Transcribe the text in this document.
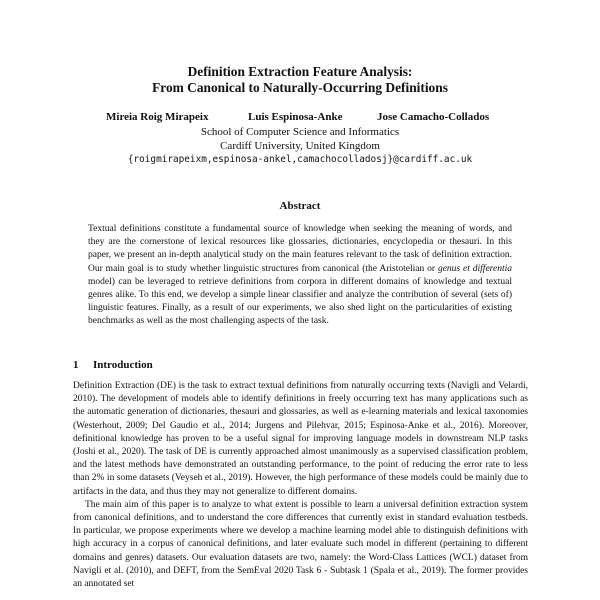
Definition Extraction Feature Analysis:
From Canonical to Naturally-Occurring Definitions
Mireia Roig Mirapeix	Luis Espinosa-Anke	Jose Camacho-Collados
School of Computer Science and Informatics
Cardiff University, United Kingdom
{roigmirapeixm,espinosa-ankel,camachocolladosj}@cardiff.ac.uk
Abstract

Textual definitions constitute a fundamental source of knowledge when seeking the meaning of words, and they are the cornerstone of lexical resources like glossaries, dictionaries, encyclopedia or thesauri. In this paper, we present an in-depth analytical study on the main features relevant to the task of definition extraction. Our main goal is to study whether linguistic structures from canonical (the Aristotelian or genus et differentia model) can be leveraged to retrieve definitions from corpora in different domains of knowledge and textual genres alike. To this end, we develop a simple linear classifier and analyze the contribution of several (sets of) linguistic features. Finally, as a result of our experiments, we also shed light on the particularities of existing benchmarks as well as the most challenging aspects of the task.

1 Introduction

Definition Extraction (DE) is the task to extract textual definitions from naturally occurring texts (Navigli and Velardi, 2010). The development of models able to identify definitions in freely occurring text has many applications such as the automatic generation of dictionaries, thesauri and glossaries, as well as e-learning materials and lexical taxonomies (Westerhout, 2009; Del Gaudio et al., 2014; Jurgens and Pilehvar, 2015; Espinosa-Anke et al., 2016). Moreover, definitional knowledge has proven to be a useful signal for improving language models in downstream NLP tasks (Joshi et al., 2020). The task of DE is currently approached almost unanimously as a supervised classification problem, and the latest methods have demonstrated an outstanding performance, to the point of reducing the error rate to less than 2% in some datasets (Veyseh et al., 2019). However, the high performance of these models could be mainly due to artifacts in the data, and thus they may not generalize to different domains.

The main aim of this paper is to analyze to what extent is possible to learn a universal definition extraction system from canonical definitions, and to understand the core differences that currently exist in standard evaluation testbeds. In particular, we propose experiments where we develop a machine learning model able to distinguish definitions with high accuracy in a corpus of canonical definitions, and later evaluate such model in different (pertaining to different domains and genres) datasets. Our evaluation datasets are two, namely: the Word-Class Lattices (WCL) dataset from Navigli et al. (2010), and DEFT, from the SemEval 2020 Task 6 - Subtask 1 (Spala et al., 2019). The former provides an annotated set
